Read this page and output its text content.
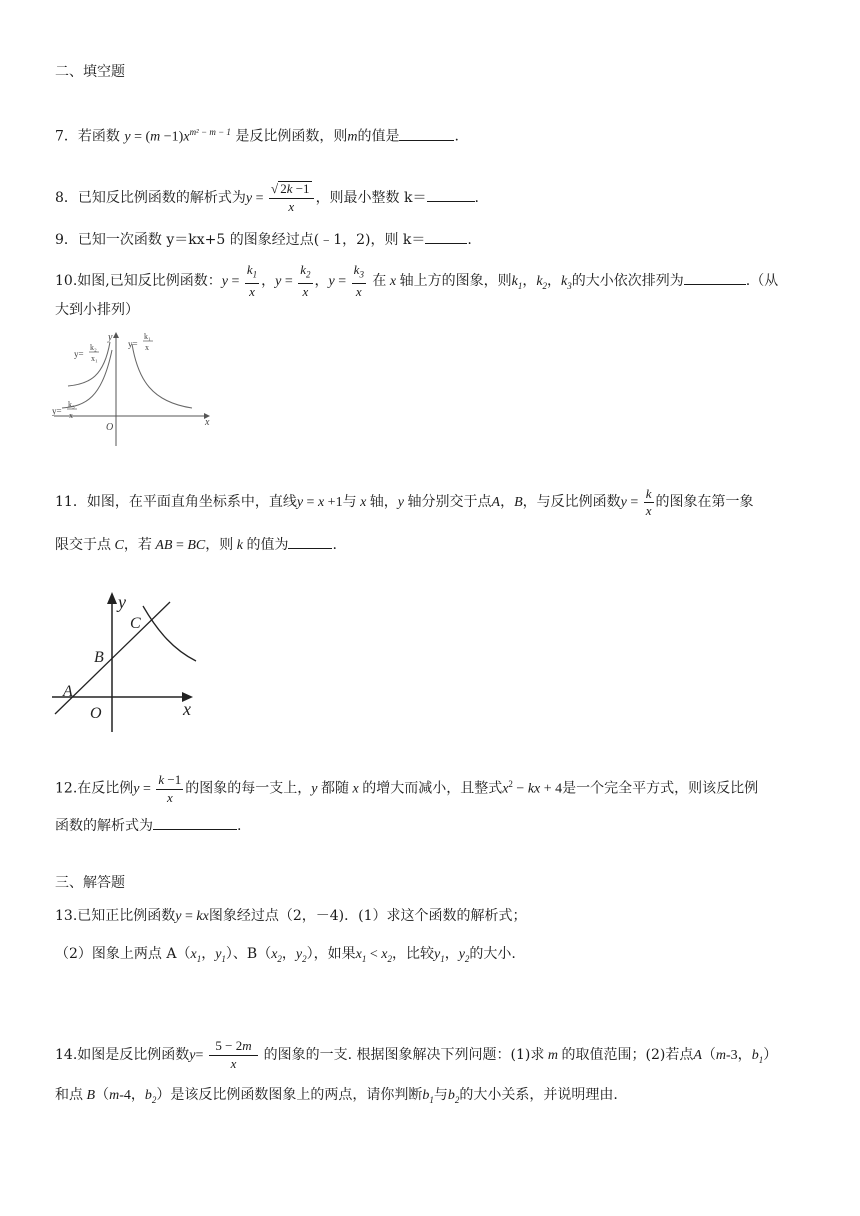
二、填空题
7．若函数 $y = (m -1)x^{m^2 - m - 1}$ 是反比例函数，则m的值是	.
8．已知反比例函数的解析式为$y = \frac{√ 2k -1}{x}$ ，则最小整数 k＝	.
9．已知一次函数 y＝kx+5 的图象经过点(﹣1，2)，则 k＝	.
10.如图,已知反比例函数：$y = \frac{k_1}{x}$ ，$y = \frac{k_2}{x}$ ，$y = \frac{k_3}{x}$ 在 x 轴上方的图象，则$k_1$，$k_2$，$k_3$的大小依次排列为	.（从
大到小排列）
x
y
O
y=
k₁
x
y=
k₂
x₁
y=
k₃
x
11．如图，在平面直角坐标系中，直线y = x +1与 x 轴，y 轴分别交于点A，B，与反比例函数$y = \frac{k}{x}$ 的图象在第一象
限交于点 C，若 AB = BC，则 k 的值为	.
y
x
O
A
B
C
12.在反比例$y = \frac{k -1}{x}$ 的图象的每一支上，y 都随 x 的增大而减小，且整式$x^2$ − kx + 4是一个完全平方式，则该反比例
函数的解析式为	.
三、解答题
13.已知正比例函数y = kx图象经过点（2，－4)．(1）求这个函数的解析式；
（2）图象上两点 $A(x_1$，$y_1$）、$B(x_2$，$y_2$），如果$x_1 < x_2$，比较$y_1$，$y_2$的大小.
14.如图是反比例函数$y= \frac{5 - 2m}{x}$ 的图象的一支. 根据图象解决下列问题：(1)求 m 的取值范围；(2)若点A（m-3，$b_1$）
和点 B（m-4，$b_2$）是该反比例函数图象上的两点，请你判断$b_1$与$b_2$的大小关系，并说明理由.
